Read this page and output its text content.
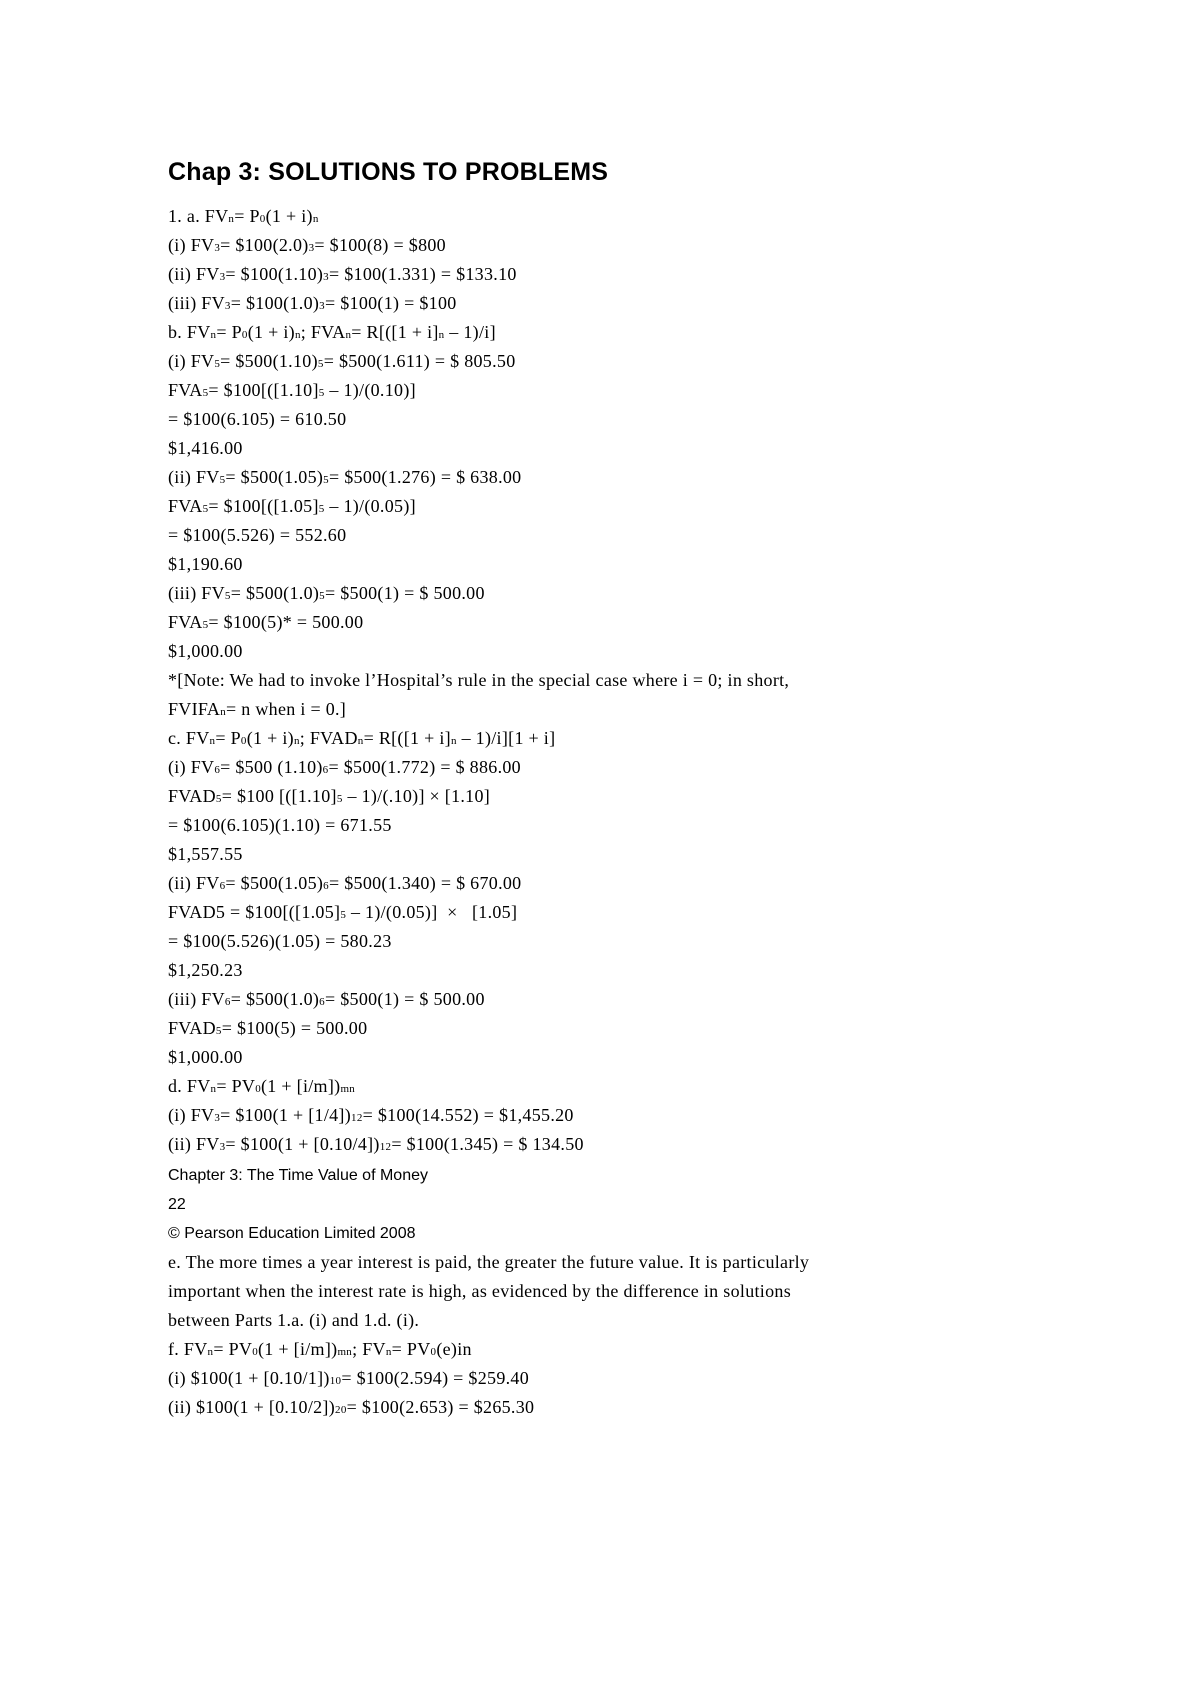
Chap 3: SOLUTIONS TO PROBLEMS
1. a. FVn= P0(1 + i)n
(i) FV3= $100(2.0)3= $100(8) = $800
(ii) FV3= $100(1.10)3= $100(1.331) = $133.10
(iii) FV3= $100(1.0)3= $100(1) = $100
b. FVn= P0(1 + i)n; FVAn= R[([1 + i]n – 1)/i]
(i) FV5= $500(1.10)5= $500(1.611) = $ 805.50
FVA5= $100[([1.10]5 – 1)/(0.10)]
= $100(6.105) = 610.50
$1,416.00
(ii) FV5= $500(1.05)5= $500(1.276) = $ 638.00
FVA5= $100[([1.05]5 – 1)/(0.05)]
= $100(5.526) = 552.60
$1,190.60
(iii) FV5= $500(1.0)5= $500(1) = $ 500.00
FVA5= $100(5)* = 500.00
$1,000.00
*[Note: We had to invoke l’Hospital’s rule in the special case where i = 0; in short,
FVIFAn= n when i = 0.]
c. FVn= P0(1 + i)n; FVADn= R[([1 + i]n – 1)/i][1 + i]
(i) FV6= $500 (1.10)6= $500(1.772) = $ 886.00
FVAD5= $100 [([1.10]5 – 1)/(.10)] × [1.10]
= $100(6.105)(1.10) = 671.55
$1,557.55
(ii) FV6= $500(1.05)6= $500(1.340) = $ 670.00
FVAD5 = $100[([1.05]5 – 1)/(0.05)]  ×   [1.05]
= $100(5.526)(1.05) = 580.23
$1,250.23
(iii) FV6= $500(1.0)6= $500(1) = $ 500.00
FVAD5= $100(5) = 500.00
$1,000.00
d. FVn= PV0(1 + [i/m])mn
(i) FV3= $100(1 + [1/4])12= $100(14.552) = $1,455.20
(ii) FV3= $100(1 + [0.10/4])12= $100(1.345) = $ 134.50
Chapter 3: The Time Value of Money
22
© Pearson Education Limited 2008
e. The more times a year interest is paid, the greater the future value. It is particularly
important when the interest rate is high, as evidenced by the difference in solutions
between Parts 1.a. (i) and 1.d. (i).
f. FVn= PV0(1 + [i/m])mn; FVn= PV0(e)in
(i) $100(1 + [0.10/1])10= $100(2.594) = $259.40
(ii) $100(1 + [0.10/2])20= $100(2.653) = $265.30
